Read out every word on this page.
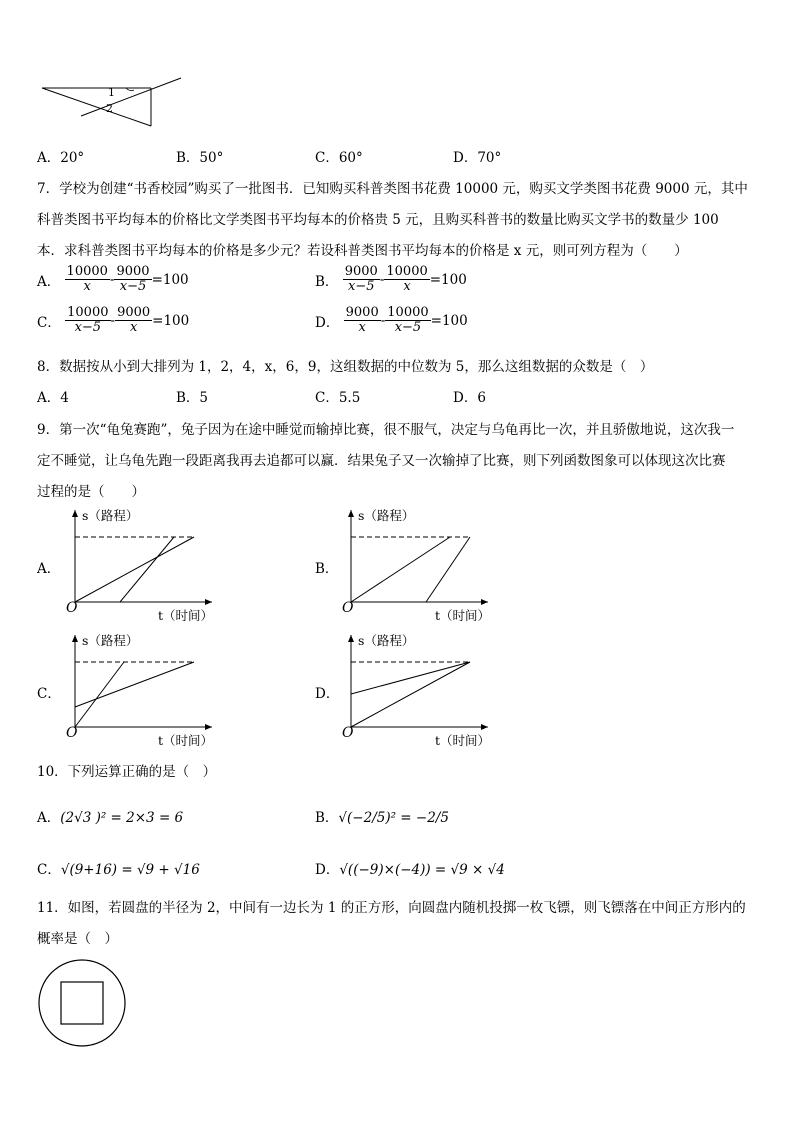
1
2
A．20°	B．50°	C．60°	D．70°
7．学校为创建“书香校园”购买了一批图书．已知购买科普类图书花费 10000 元，购买文学类图书花费 9000 元，其中
科普类图书平均每本的价格比文学类图书平均每本的价格贵 5 元，且购买科普书的数量比购买文学书的数量少 100
本．求科普类图书平均每本的价格是多少元？若设科普类图书平均每本的价格是 x 元，则可列方程为（　　）
A． $\frac{10000}{x} - \frac{9000}{x-5} =100$	B． $\frac{9000}{x-5} - \frac{10000}{x} =100$
C． $\frac{10000}{x-5} - \frac{9000}{x} =100$	D． $\frac{9000}{x} - \frac{10000}{x-5} =100$
8．数据按从小到大排列为 1，2，4，x，6，9，这组数据的中位数为 5，那么这组数据的众数是（　）
A．4	B．5	C．5.5	D．6
9．第一次“龟兔赛跑”，兔子因为在途中睡觉而输掉比赛，很不服气，决定与乌龟再比一次，并且骄傲地说，这次我一
定不睡觉，让乌龟先跑一段距离我再去追都可以赢．结果兔子又一次输掉了比赛，则下列函数图象可以体现这次比赛
过程的是（　　）
A．
s（路程）
t（时间）
O
B．
s（路程）
t（时间）
O
C．
s（路程）
t（时间）
O
D．
s（路程）
t（时间）
O
10．下列运算正确的是（　）
A．(2√3 )² = 2×3 = 6	B．√(−2/5)² = −2/5
C．√(9+16) = √9 + √16	D．√((−9)×(−4)) = √9 × √4
11．如图，若圆盘的半径为 2，中间有一边长为 1 的正方形，向圆盘内随机投掷一枚飞镖，则飞镖落在中间正方形内的
概率是（　）
